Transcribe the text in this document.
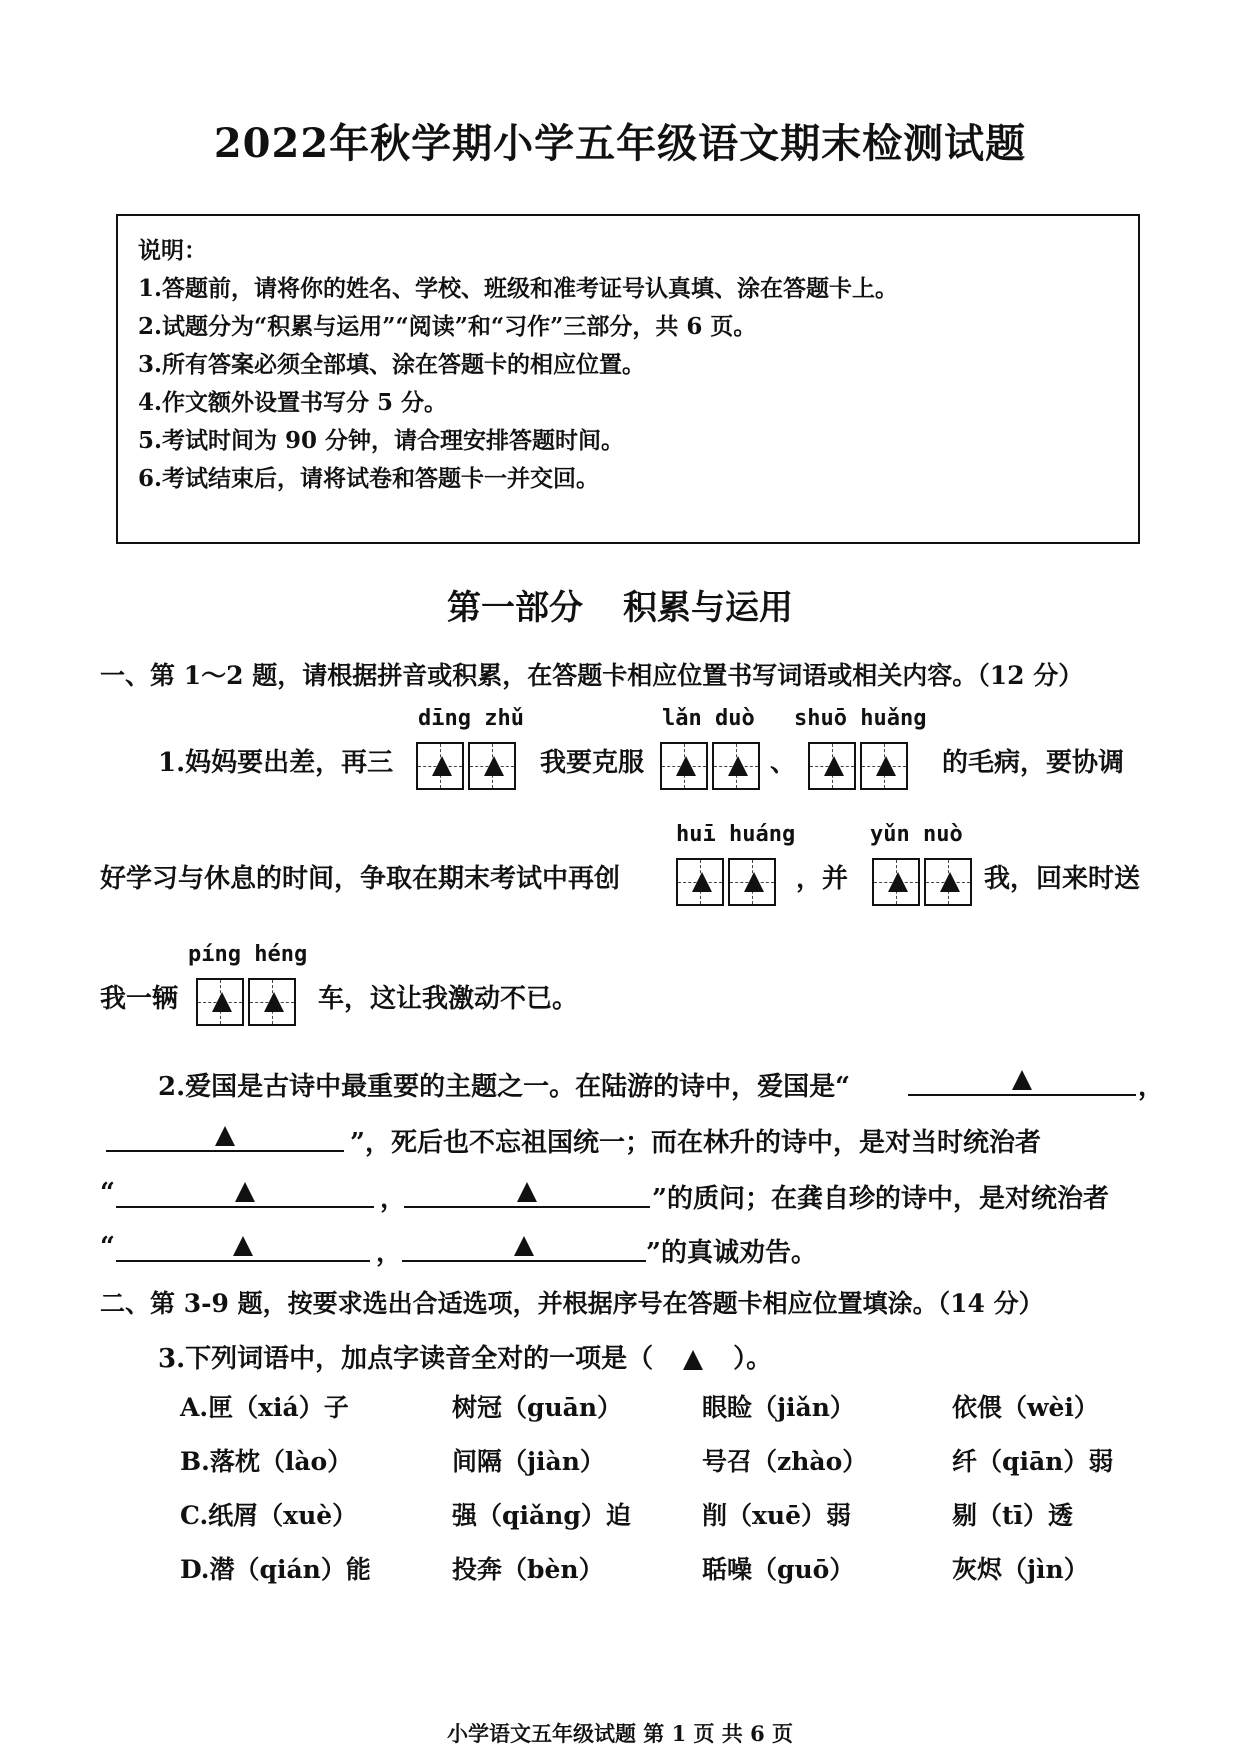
2022年秋学期小学五年级语文期末检测试题
说明：
1.答题前，请将你的姓名、学校、班级和准考证号认真填、涂在答题卡上。
2.试题分为“积累与运用”“阅读”和“习作”三部分，共 6 页。
3.所有答案必须全部填、涂在答题卡的相应位置。
4.作文额外设置书写分 5 分。
5.考试时间为 90 分钟，请合理安排答题时间。
6.考试结束后，请将试卷和答题卡一并交回。
第一部分 积累与运用
一、第 1～2 题，请根据拼音或积累，在答题卡相应位置书写词语或相关内容。（12 分）
dīng zhǔ	lǎn duò shuō huǎng
huī huáng	yǔn nuò
píng héng
1.妈妈要出差，再三	我要克服	、	的毛病，要协调
好学习与休息的时间，争取在期末考试中再创	，并	我，回来时送
我一辆	车，这让我激动不已。
2.爱国是古诗中最重要的主题之一。在陆游的诗中，爱国是“	，
”，死后也不忘祖国统一；而在林升的诗中，是对当时统治者
“	，	”的质问；在龚自珍的诗中，是对统治者
“	，	”的真诚劝告。
二、第 3-9 题，按要求选出合适选项，并根据序号在答题卡相应位置填涂。（14 分）
3.下列词语中，加点字读音全对的一项是（	）。
A.匣（xiá）子	树冠（guān）	眼睑（jiǎn）	依偎（wèi）
B.落枕（lào）	间隔（jiàn）	号召（zhào）	纤（qiān）弱
C.纸屑（xuè）	强（qiǎng）迫	削（xuē）弱	剔（tī）透
D.潜（qián）能	投奔（bèn）	聒噪（guō）	灰烬（jìn）
小学语文五年级试题 第 1 页 共 6 页
